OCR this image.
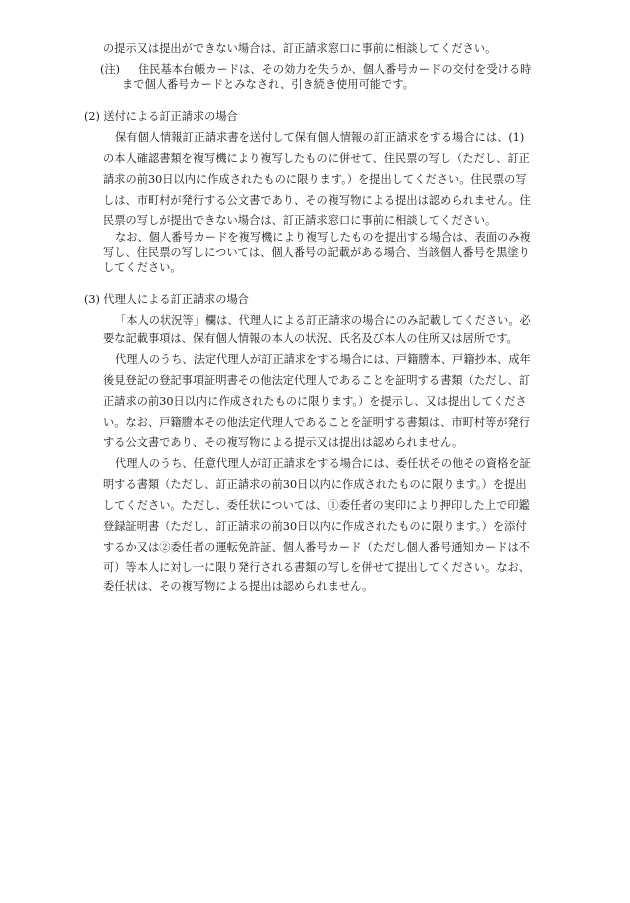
の提示又は提出ができない場合は、訂正請求窓口に事前に相談してください。
(注) 住民基本台帳カードは、その効力を失うか、個人番号カードの交付を受ける時
まで個人番号カードとみなされ、引き続き使用可能です。
(2) 送付による訂正請求の場合
保有個人情報訂正請求書を送付して保有個人情報の訂正請求をする場合には、(1)
の本人確認書類を複写機により複写したものに併せて、住民票の写し（ただし、訂正
請求の前30日以内に作成されたものに限ります。）を提出してください。住民票の写
しは、市町村が発行する公文書であり、その複写物による提出は認められません。住
民票の写しが提出できない場合は、訂正請求窓口に事前に相談してください。
なお、個人番号カードを複写機により複写したものを提出する場合は、表面のみ複
写し、住民票の写しについては、個人番号の記載がある場合、当該個人番号を黒塗り
してください。
(3) 代理人による訂正請求の場合
「本人の状況等」欄は、代理人による訂正請求の場合にのみ記載してください。必
要な記載事項は、保有個人情報の本人の状況、氏名及び本人の住所又は居所です。
代理人のうち、法定代理人が訂正請求をする場合には、戸籍謄本、戸籍抄本、成年
後見登記の登記事項証明書その他法定代理人であることを証明する書類（ただし、訂
正請求の前30日以内に作成されたものに限ります。）を提示し、又は提出してくださ
い。なお、戸籍謄本その他法定代理人であることを証明する書類は、市町村等が発行
する公文書であり、その複写物による提示又は提出は認められません。
代理人のうち、任意代理人が訂正請求をする場合には、委任状その他その資格を証
明する書類（ただし、訂正請求の前30日以内に作成されたものに限ります。）を提出
してください。ただし、委任状については、①委任者の実印により押印した上で印鑑
登録証明書（ただし、訂正請求の前30日以内に作成されたものに限ります。）を添付
するか又は②委任者の運転免許証、個人番号カード（ただし個人番号通知カードは不
可）等本人に対し一に限り発行される書類の写しを併せて提出してください。なお、
委任状は、その複写物による提出は認められません。
